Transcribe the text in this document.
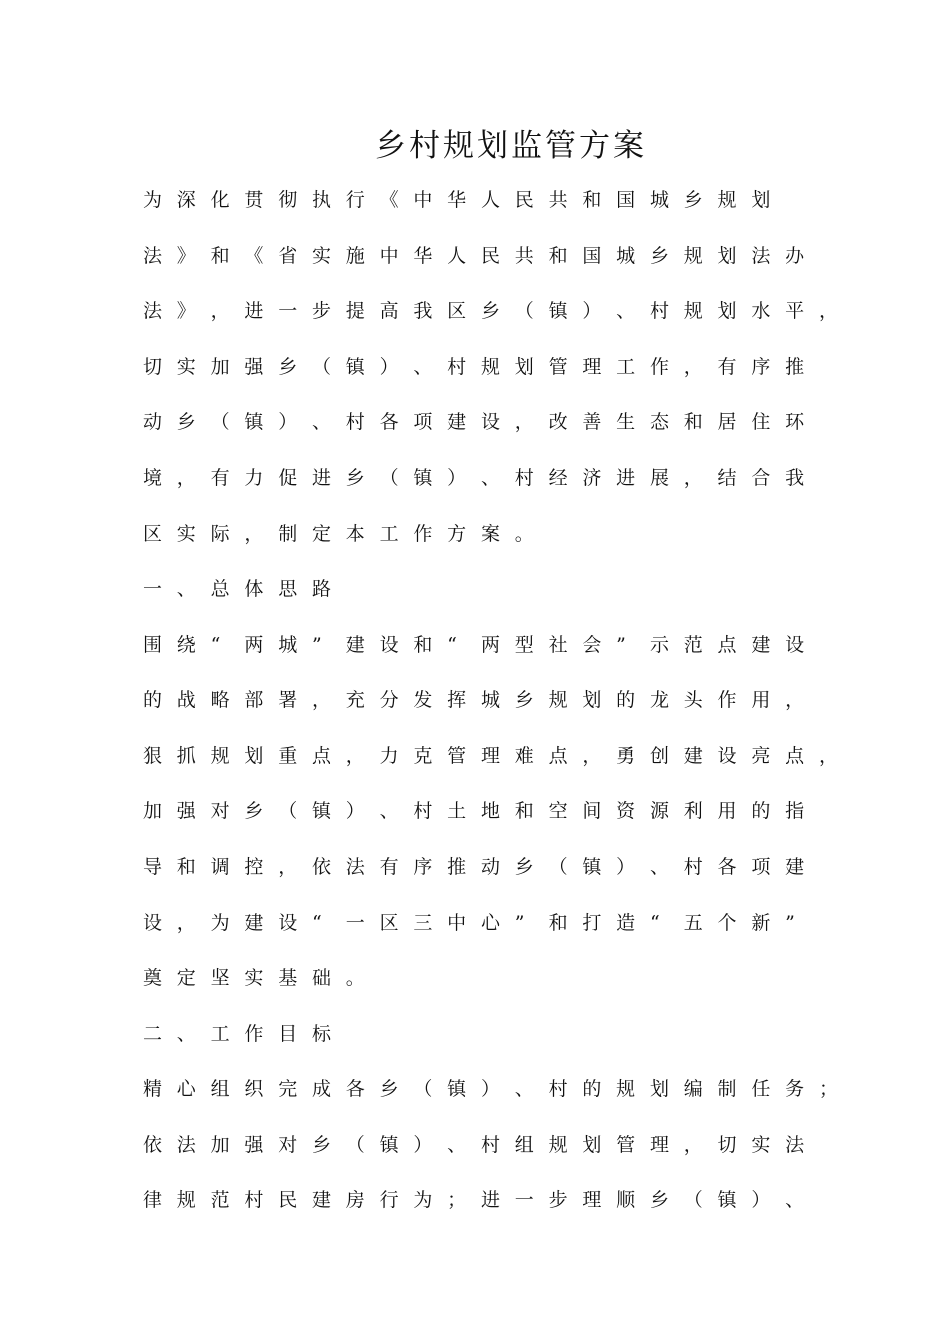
乡村规划监管方案
为 深 化 贯 彻 执 行 《 中 华 人 民 共 和 国 城 乡 规 划
法 》 和 《 省 实 施 中 华 人 民 共 和 国 城 乡 规 划 法 办
法 》 ， 进 一 步 提 高 我 区 乡 （ 镇 ） 、 村 规 划 水 平 ，
切 实 加 强 乡 （ 镇 ） 、 村 规 划 管 理 工 作 ， 有 序 推
动 乡 （ 镇 ） 、 村 各 项 建 设 ， 改 善 生 态 和 居 住 环
境 ， 有 力 促 进 乡 （ 镇 ） 、 村 经 济 进 展 ， 结 合 我
区 实 际 ， 制 定 本 工 作 方 案 。
一 、 总 体 思 路
围 绕 “	两 城 ”	建 设 和 “	两 型 社 会 ”	示 范 点 建 设
的 战 略 部 署 ， 充 分 发 挥 城 乡 规 划 的 龙 头 作 用 ，
狠 抓 规 划 重 点 ， 力 克 管 理 难 点 ， 勇 创 建 设 亮 点 ，
加 强 对 乡 （ 镇 ） 、 村 土 地 和 空 间 资 源 利 用 的 指
导 和 调 控 ， 依 法 有 序 推 动 乡 （ 镇 ） 、 村 各 项 建
设 ， 为 建 设 “	一 区 三 中 心 ”	和 打 造 “	五 个 新 ”
奠 定 坚 实 基 础 。
二 、 工 作 目 标
精 心 组 织 完 成 各 乡 （ 镇 ） 、 村 的 规 划 编 制 任 务 ；
依 法 加 强 对 乡 （ 镇 ） 、 村 组 规 划 管 理 ， 切 实 法
律 规 范 村 民 建 房 行 为 ； 进 一 步 理 顺 乡 （ 镇 ） 、
